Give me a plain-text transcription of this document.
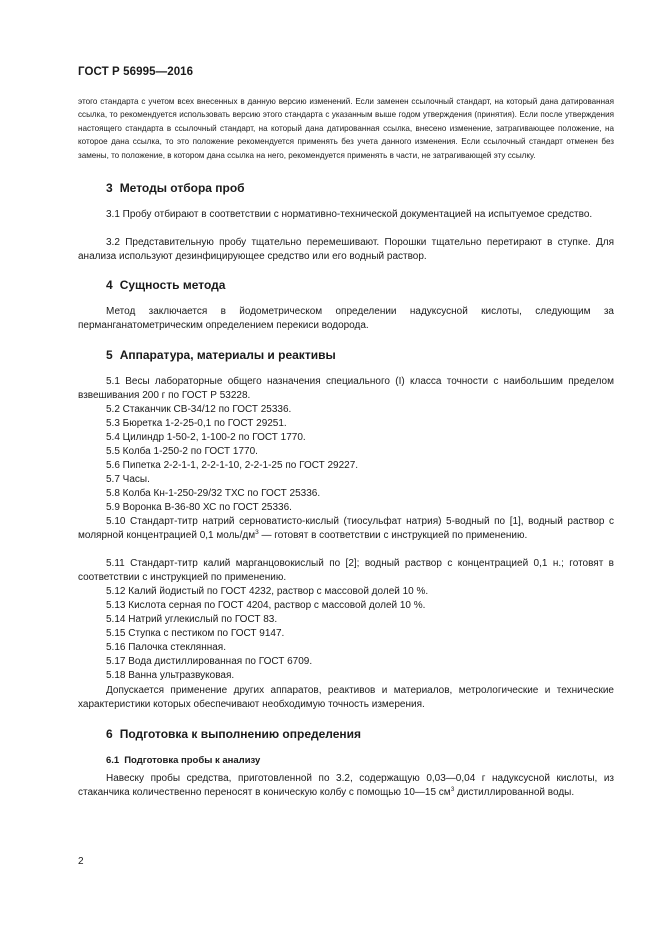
ГОСТ Р 56995—2016

этого стандарта с учетом всех внесенных в данную версию изменений. Если заменен ссылочный стандарт, на который дана датированная ссылка, то рекомендуется использовать версию этого стандарта с указанным выше годом утверждения (принятия). Если после утверждения настоящего стандарта в ссылочный стандарт, на который дана датированная ссылка, внесено изменение, затрагивающее положение, на которое дана ссылка, то это положение рекомендуется применять без учета данного изменения. Если ссылочный стандарт отменен без замены, то положение, в котором дана ссылка на него, рекомендуется применять в части, не затрагивающей эту ссылку.

3 Методы отбора проб

3.1 Пробу отбирают в соответствии с нормативно-технической документацией на испытуемое средство.

3.2 Представительную пробу тщательно перемешивают. Порошки тщательно перетирают в ступке. Для анализа используют дезинфицирующее средство или его водный раствор.

4 Сущность метода

Метод заключается в йодометрическом определении надуксусной кислоты, следующим за перманганатометрическим определением перекиси водорода.

5 Аппаратура, материалы и реактивы

5.1 Весы лабораторные общего назначения специального (I) класса точности с наибольшим пределом взвешивания 200 г по ГОСТ Р 53228.

5.2 Стаканчик СВ-34/12 по ГОСТ 25336.

5.3 Бюретка 1-2-25-0,1 по ГОСТ 29251.

5.4 Цилиндр 1-50-2, 1-100-2 по ГОСТ 1770.

5.5 Колба 1-250-2 по ГОСТ 1770.

5.6 Пипетка 2-2-1-1, 2-2-1-10, 2-2-1-25 по ГОСТ 29227.

5.7 Часы.

5.8 Колба Кн-1-250-29/32 ТХС по ГОСТ 25336.

5.9 Воронка В-36-80 ХС по ГОСТ 25336.

5.10 Стандарт-титр натрий серноватисто-кислый (тиосульфат натрия) 5-водный по [1], водный раствор с молярной концентрацией 0,1 моль/$дм^3$ — готовят в соответствии с инструкцией по применению.

5.11 Стандарт-титр калий марганцовокислый по [2]; водный раствор с концентрацией 0,1 н.; готовят в соответствии с инструкцией по применению.

5.12 Калий йодистый по ГОСТ 4232, раствор с массовой долей 10 %.

5.13 Кислота серная по ГОСТ 4204, раствор с массовой долей 10 %.

5.14 Натрий углекислый по ГОСТ 83.

5.15 Ступка с пестиком по ГОСТ 9147.

5.16 Палочка стеклянная.

5.17 Вода дистиллированная по ГОСТ 6709.

5.18 Ванна ультразвуковая.

Допускается применение других аппаратов, реактивов и материалов, метрологические и технические характеристики которых обеспечивают необходимую точность измерения.

6 Подготовка к выполнению определения
6.1 Подготовка пробы к анализу

Навеску пробы средства, приготовленной по 3.2, содержащую 0,03—0,04 г надуксусной кислоты, из стаканчика количественно переносят в коническую колбу с помощью 10—15 $см^3$ дистиллированной воды.

2
